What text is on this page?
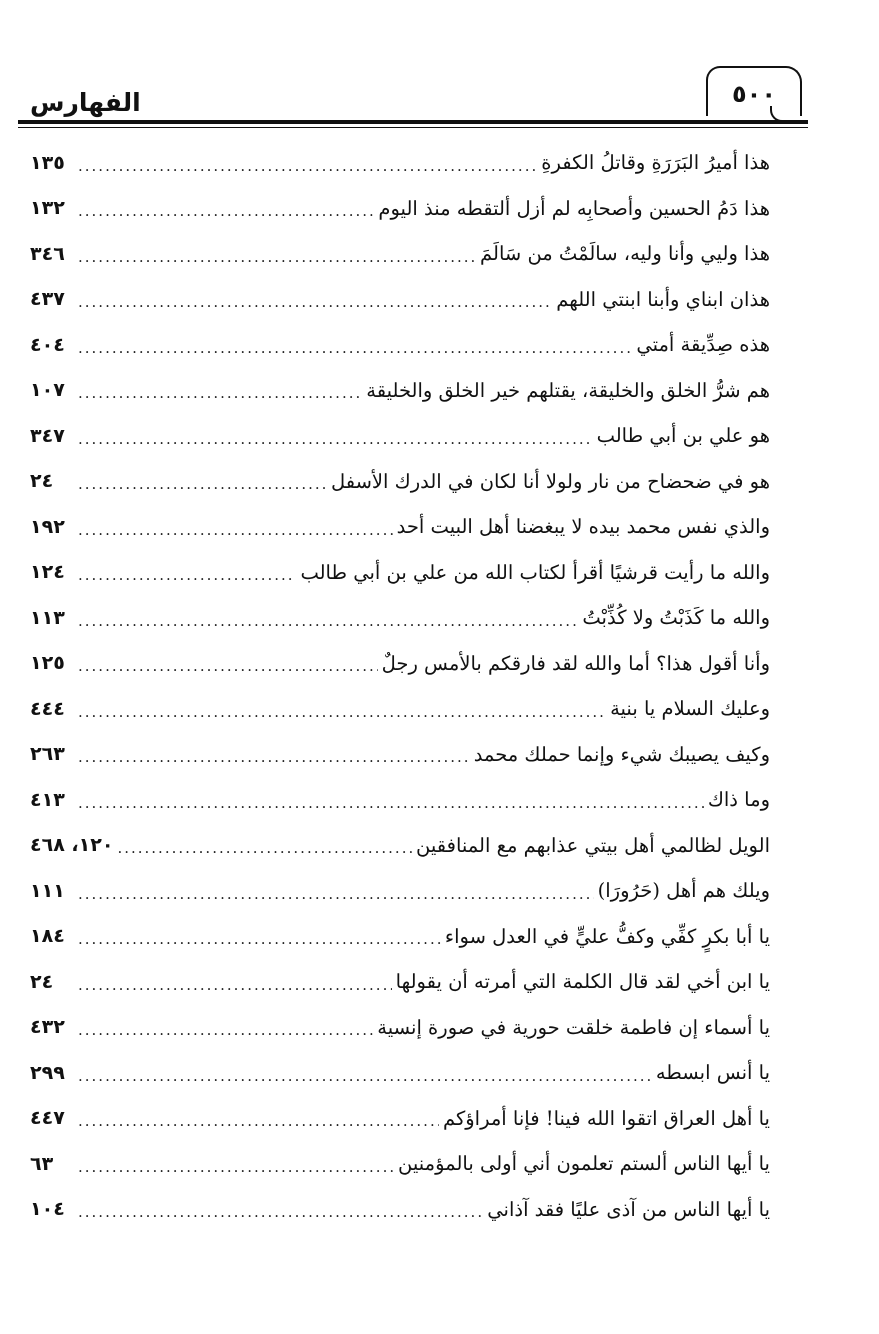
الفهارس	٥٠٠
هذا أميرُ البَرَرَةِ وقاتلُ الكفرةِ
.....
١٣٥
هذا دَمُ الحسين وأصحابِه لم أزل ألتقطه منذ اليوم
.....
١٣٢
هذا وليي وأنا وليه، سالَمْتُ من سَالَمَ
.....
٣٤٦
هذان ابناي وأبنا ابنتي اللهم
.....
٤٣٧
هذه صِدِّيقة أمتي
.....
٤٠٤
هم شرُّ الخلق والخليقة، يقتلهم خير الخلق والخليقة
.....
١٠٧
هو علي بن أبي طالب
.....
٣٤٧
هو في ضحضاح من نار ولولا أنا لكان في الدرك الأسفل
.....
٢٤
والذي نفس محمد بيده لا يبغضنا أهل البيت أحد
.....
١٩٢
والله ما رأيت قرشيًا أقرأ لكتاب الله من علي بن أبي طالب
.....
١٢٤
والله ما كَذَبْتُ ولا كُذِّبْتُ
.....
١١٣
وأنا أقول هذا؟ أما والله لقد فارقكم بالأمس رجلٌ
.....
١٢٥
وعليك السلام يا بنية
.....
٤٤٤
وكيف يصيبك شيء وإنما حملك محمد
.....
٢٦٣
وما ذاك
.....
٤١٣
الويل لظالمي أهل بيتي عذابهم مع المنافقين
.....
١٢٠، ٤٦٨
ويلك هم أهل (حَرُورَا)
.....
١١١
يا أبا بكرٍ كفِّي وكفُّ عليٍّ في العدل سواء
.....
١٨٤
يا ابن أخي لقد قال الكلمة التي أمرته أن يقولها
.....
٢٤
يا أسماء إن فاطمة خلقت حورية في صورة إنسية
.....
٤٣٢
يا أنس ابسطه
.....
٢٩٩
يا أهل العراق اتقوا الله فينا! فإنا أمراؤكم
.....
٤٤٧
يا أيها الناس ألستم تعلمون أني أولى بالمؤمنين
.....
٦٣
يا أيها الناس من آذى عليًا فقد آذاني
.....
١٠٤
